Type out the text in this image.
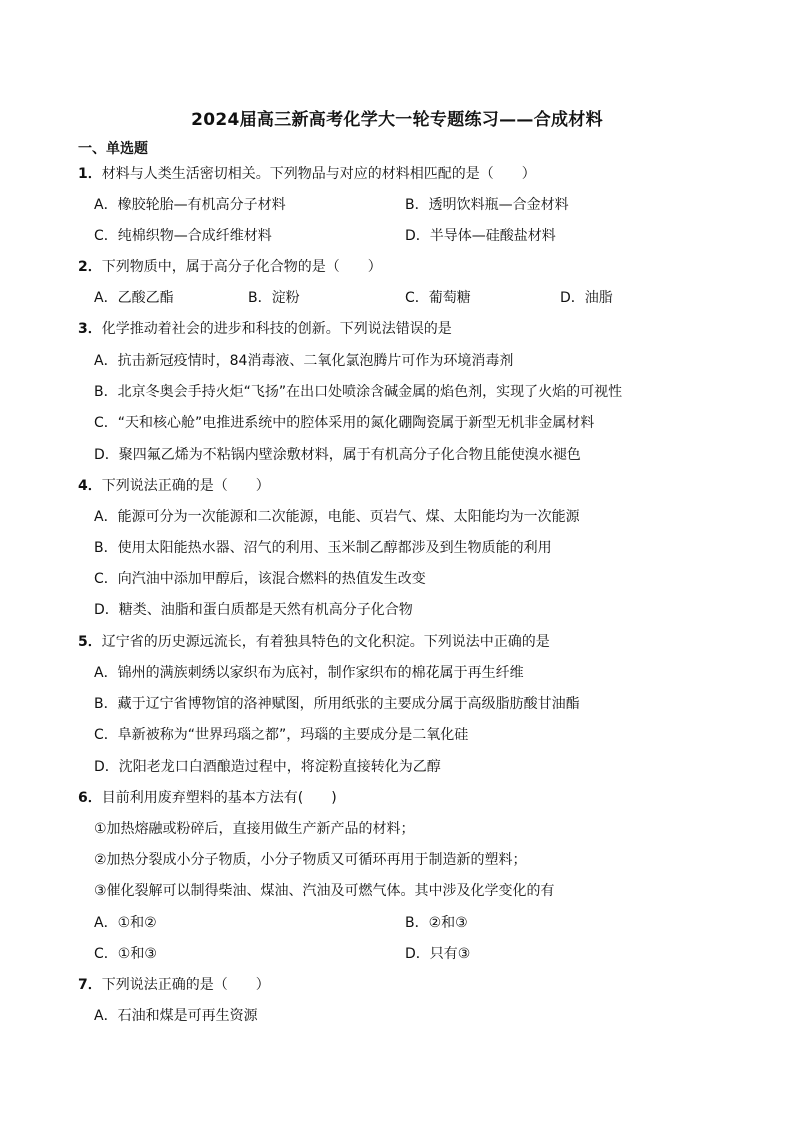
2024届高三新高考化学大一轮专题练习——合成材料
一、单选题
1．材料与人类生活密切相关。下列物品与对应的材料相匹配的是（　　）
A．橡胶轮胎—有机高分子材料	B．透明饮料瓶—合金材料
C．纯棉织物—合成纤维材料	D．半导体—硅酸盐材料
2．下列物质中，属于高分子化合物的是（　　）
A．乙酸乙酯	B．淀粉	C．葡萄糖	D．油脂
3．化学推动着社会的进步和科技的创新。下列说法错误的是
A．抗击新冠疫情时，84消毒液、二氧化氯泡腾片可作为环境消毒剂
B．北京冬奥会手持火炬“飞扬”在出口处喷涂含碱金属的焰色剂，实现了火焰的可视性
C．“天和核心舱”电推进系统中的腔体采用的氮化硼陶瓷属于新型无机非金属材料
D．聚四氟乙烯为不粘锅内壁涂敷材料，属于有机高分子化合物且能使溴水褪色
4．下列说法正确的是（　　）
A．能源可分为一次能源和二次能源，电能、页岩气、煤、太阳能均为一次能源
B．使用太阳能热水器、沼气的利用、玉米制乙醇都涉及到生物质能的利用
C．向汽油中添加甲醇后，该混合燃料的热值发生改变
D．糖类、油脂和蛋白质都是天然有机高分子化合物
5．辽宁省的历史源远流长，有着独具特色的文化积淀。下列说法中正确的是
A．锦州的满族刺绣以家织布为底衬，制作家织布的棉花属于再生纤维
B．藏于辽宁省博物馆的洛神赋图，所用纸张的主要成分属于高级脂肪酸甘油酯
C．阜新被称为“世界玛瑙之都”，玛瑙的主要成分是二氧化硅
D．沈阳老龙口白酒酿造过程中，将淀粉直接转化为乙醇
6．目前利用废弃塑料的基本方法有(　　)
①加热熔融或粉碎后，直接用做生产新产品的材料；
②加热分裂成小分子物质，小分子物质又可循环再用于制造新的塑料；
③催化裂解可以制得柴油、煤油、汽油及可燃气体。其中涉及化学变化的有
A．①和②	B．②和③
C．①和③	D．只有③
7．下列说法正确的是（　　）
A．石油和煤是可再生资源
